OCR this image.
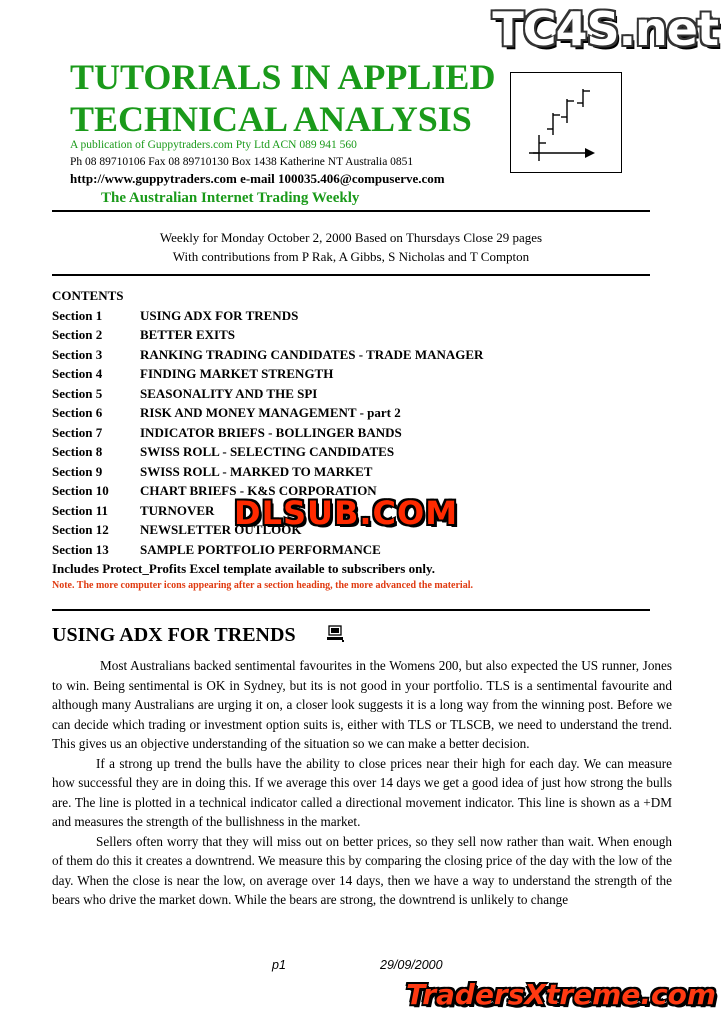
TC4S.net
TUTORIALS IN APPLIED
TECHNICAL ANALYSIS
A publication of Guppytraders.com Pty Ltd ACN 089 941 560
Ph 08 89710106 Fax 08 89710130 Box 1438 Katherine NT Australia 0851
http://www.guppytraders.com e-mail 100035.406@compuserve.com
The Australian Internet Trading Weekly
Weekly for Monday October 2, 2000 Based on Thursdays Close 29 pages
With contributions from P Rak, A Gibbs, S Nicholas and T Compton
CONTENTS
Section 1	USING ADX FOR TRENDS
Section 2	BETTER EXITS
Section 3	RANKING TRADING CANDIDATES - TRADE MANAGER
Section 4	FINDING MARKET STRENGTH
Section 5	SEASONALITY AND THE SPI
Section 6	RISK AND MONEY MANAGEMENT - part 2
Section 7	INDICATOR BRIEFS - BOLLINGER BANDS
Section 8	SWISS ROLL - SELECTING CANDIDATES
Section 9	SWISS ROLL - MARKED TO MARKET
Section 10	CHART BRIEFS - K&S CORPORATION
Section 11	TURNOVER
Section 12	NEWSLETTER OUTLOOK
Section 13	SAMPLE PORTFOLIO PERFORMANCE
Includes Protect_Profits Excel template available to subscribers only.
Note. The more computer icons appearing after a section heading, the more advanced the material.
DLSUB.COM
USING ADX FOR TRENDS

Most Australians backed sentimental favourites in the Womens 200, but also expected the US runner, Jones to win. Being sentimental is OK in Sydney, but its is not good in your portfolio. TLS is a sentimental favourite and although many Australians are urging it on, a closer look suggests it is a long way from the winning post. Before we can decide which trading or investment option suits is, either with TLS or TLSCB, we need to understand the trend. This gives us an objective understanding of the situation so we can make a better decision.

If a strong up trend the bulls have the ability to close prices near their high for each day. We can measure how successful they are in doing this. If we average this over 14 days we get a good idea of just how strong the bulls are. The line is plotted in a technical indicator called a directional movement indicator. This line is shown as a +DM and measures the strength of the bullishness in the market.

Sellers often worry that they will miss out on better prices, so they sell now rather than wait. When enough of them do this it creates a downtrend. We measure this by comparing the closing price of the day with the low of the day. When the close is near the low, on average over 14 days, then we have a way to understand the strength of the bears who drive the market down. While the bears are strong, the downtrend is unlikely to change

p1	29/09/2000
TradersXtreme.com
